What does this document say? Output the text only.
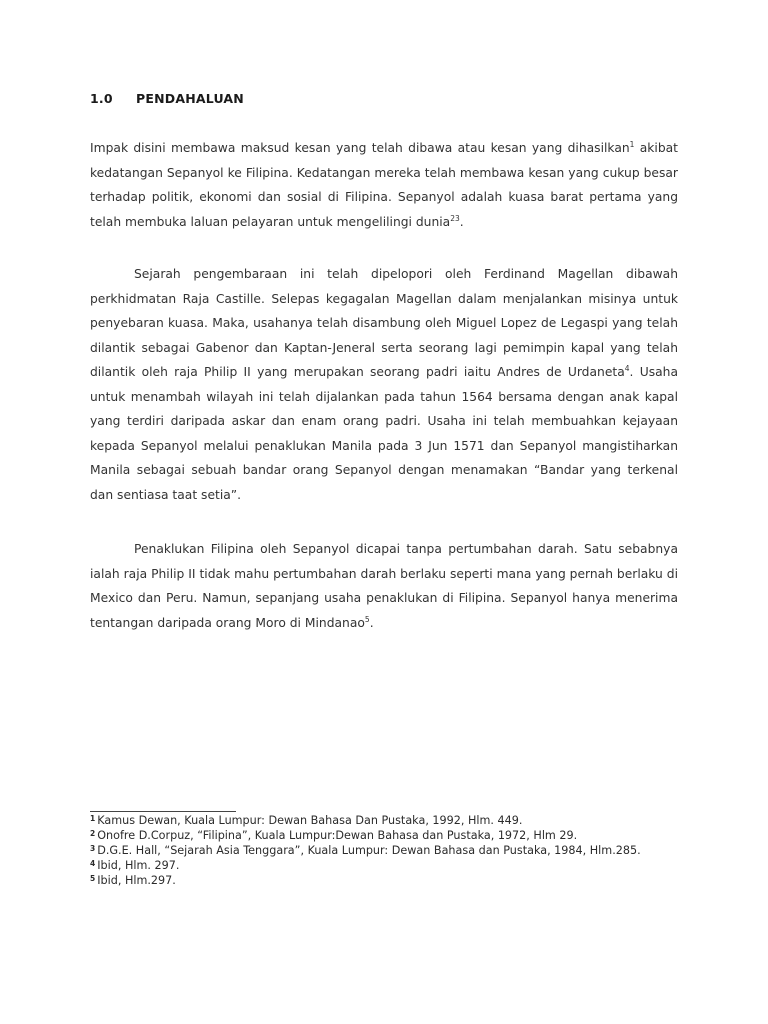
1.0 PENDAHALUAN
Impak disini membawa maksud kesan yang telah dibawa atau kesan yang dihasilkan$^1$ akibat kedatangan Sepanyol ke Filipina. Kedatangan mereka telah membawa kesan yang cukup besar terhadap politik, ekonomi dan sosial di Filipina. Sepanyol adalah kuasa barat pertama yang telah membuka laluan pelayaran untuk mengelilingi dunia$^{23}$.
Sejarah pengembaraan ini telah dipelopori oleh Ferdinand Magellan dibawah perkhidmatan Raja Castille. Selepas kegagalan Magellan dalam menjalankan misinya untuk penyebaran kuasa. Maka, usahanya telah disambung oleh Miguel Lopez de Legaspi yang telah dilantik sebagai Gabenor dan Kaptan-Jeneral serta seorang lagi pemimpin kapal yang telah dilantik oleh raja Philip II yang merupakan seorang padri iaitu Andres de Urdaneta$^4$. Usaha untuk menambah wilayah ini telah dijalankan pada tahun 1564 bersama dengan anak kapal yang terdiri daripada askar dan enam orang padri. Usaha ini telah membuahkan kejayaan kepada Sepanyol melalui penaklukan Manila pada 3 Jun 1571 dan Sepanyol mangistiharkan Manila sebagai sebuah bandar orang Sepanyol dengan menamakan “Bandar yang terkenal dan sentiasa taat setia”.
Penaklukan Filipina oleh Sepanyol dicapai tanpa pertumbahan darah. Satu sebabnya ialah raja Philip II tidak mahu pertumbahan darah berlaku seperti mana yang pernah berlaku di Mexico dan Peru. Namun, sepanjang usaha penaklukan di Filipina. Sepanyol hanya menerima tentangan daripada orang Moro di Mindanao$^5$.

$^1$ Kamus Dewan, Kuala Lumpur: Dewan Bahasa Dan Pustaka, 1992, Hlm. 449.

$^2$ Onofre D.Corpuz, “Filipina”, Kuala Lumpur:Dewan Bahasa dan Pustaka, 1972, Hlm 29.

$^3$ D.G.E. Hall, “Sejarah Asia Tenggara”, Kuala Lumpur: Dewan Bahasa dan Pustaka, 1984, Hlm.285.

$^4$ Ibid, Hlm. 297.

$^5$ Ibid, Hlm.297.
